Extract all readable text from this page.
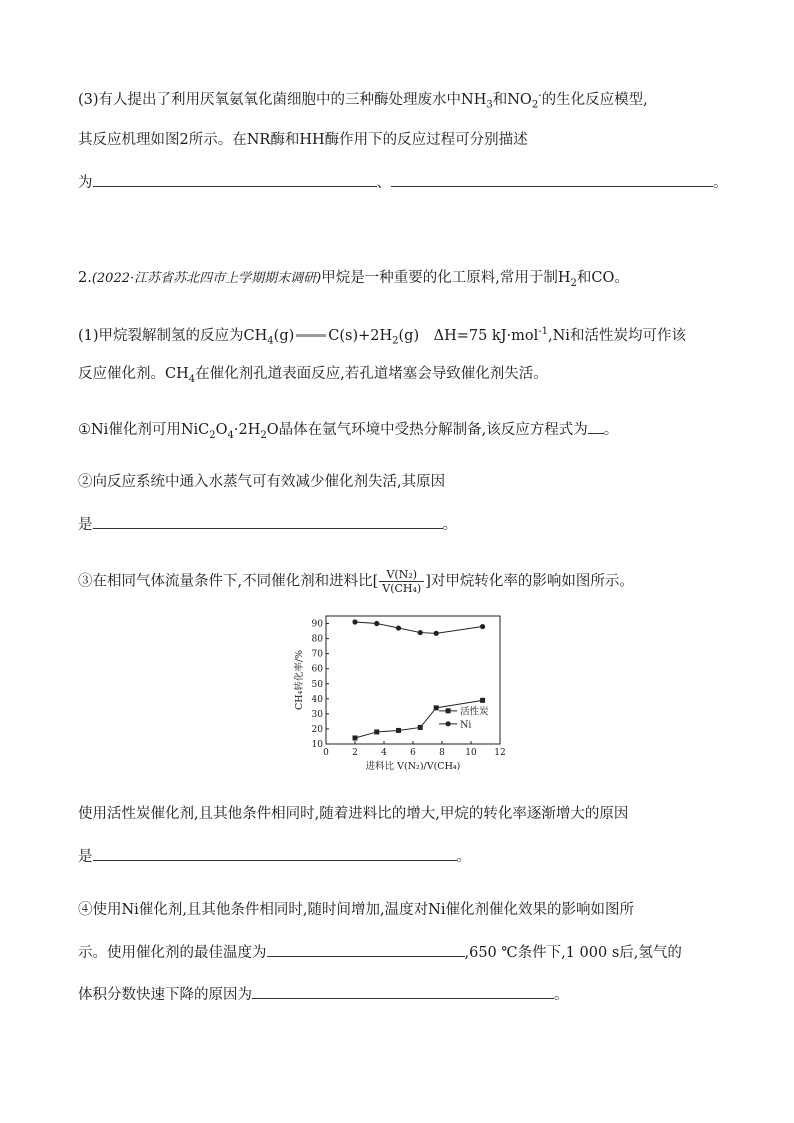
(3)有人提出了利用厌氧氨氧化菌细胞中的三种酶处理废水中$NH_3$和$NO_2^-$的生化反应模型,
其反应机理如图2所示。在NR酶和HH酶作用下的反应过程可分别描述
为	、	。
2.(2022·江苏省苏北四市上学期期末调研)甲烷是一种重要的化工原料,常用于制$H_2$和CO。
(1)甲烷裂解制氢的反应为$CH_4(g)$ $C(s)+2H_2(g)$　ΔH=75 kJ·mol$^{-1}$,Ni和活性炭均可作该
反应催化剂。$CH_4$在催化剂孔道表面反应,若孔道堵塞会导致催化剂失活。
①Ni催化剂可用$NiC_2O_4\cdot 2H_2O$晶体在氩气环境中受热分解制备,该反应方程式为 。
②向反应系统中通入水蒸气可有效减少催化剂失活,其原因
是	。
③在相同气体流量条件下,不同催化剂和进料比[ $\frac{\text{V(N₂)}}{\text{V(CH₄)}}$ ]对甲烷转化率的影响如图所示。
0	2	4	6	8 10 12
10
20
30
40
50
60
70
80
90
进料比 V(N₂)/V(CH₄)
CH₄转化率/%
活性炭
Ni
使用活性炭催化剂,且其他条件相同时,随着进料比的增大,甲烷的转化率逐渐增大的原因
是	。
④使用Ni催化剂,且其他条件相同时,随时间增加,温度对Ni催化剂催化效果的影响如图所
示。使用催化剂的最佳温度为	,650 ℃条件下,1 000 s后,氢气的
体积分数快速下降的原因为	。
